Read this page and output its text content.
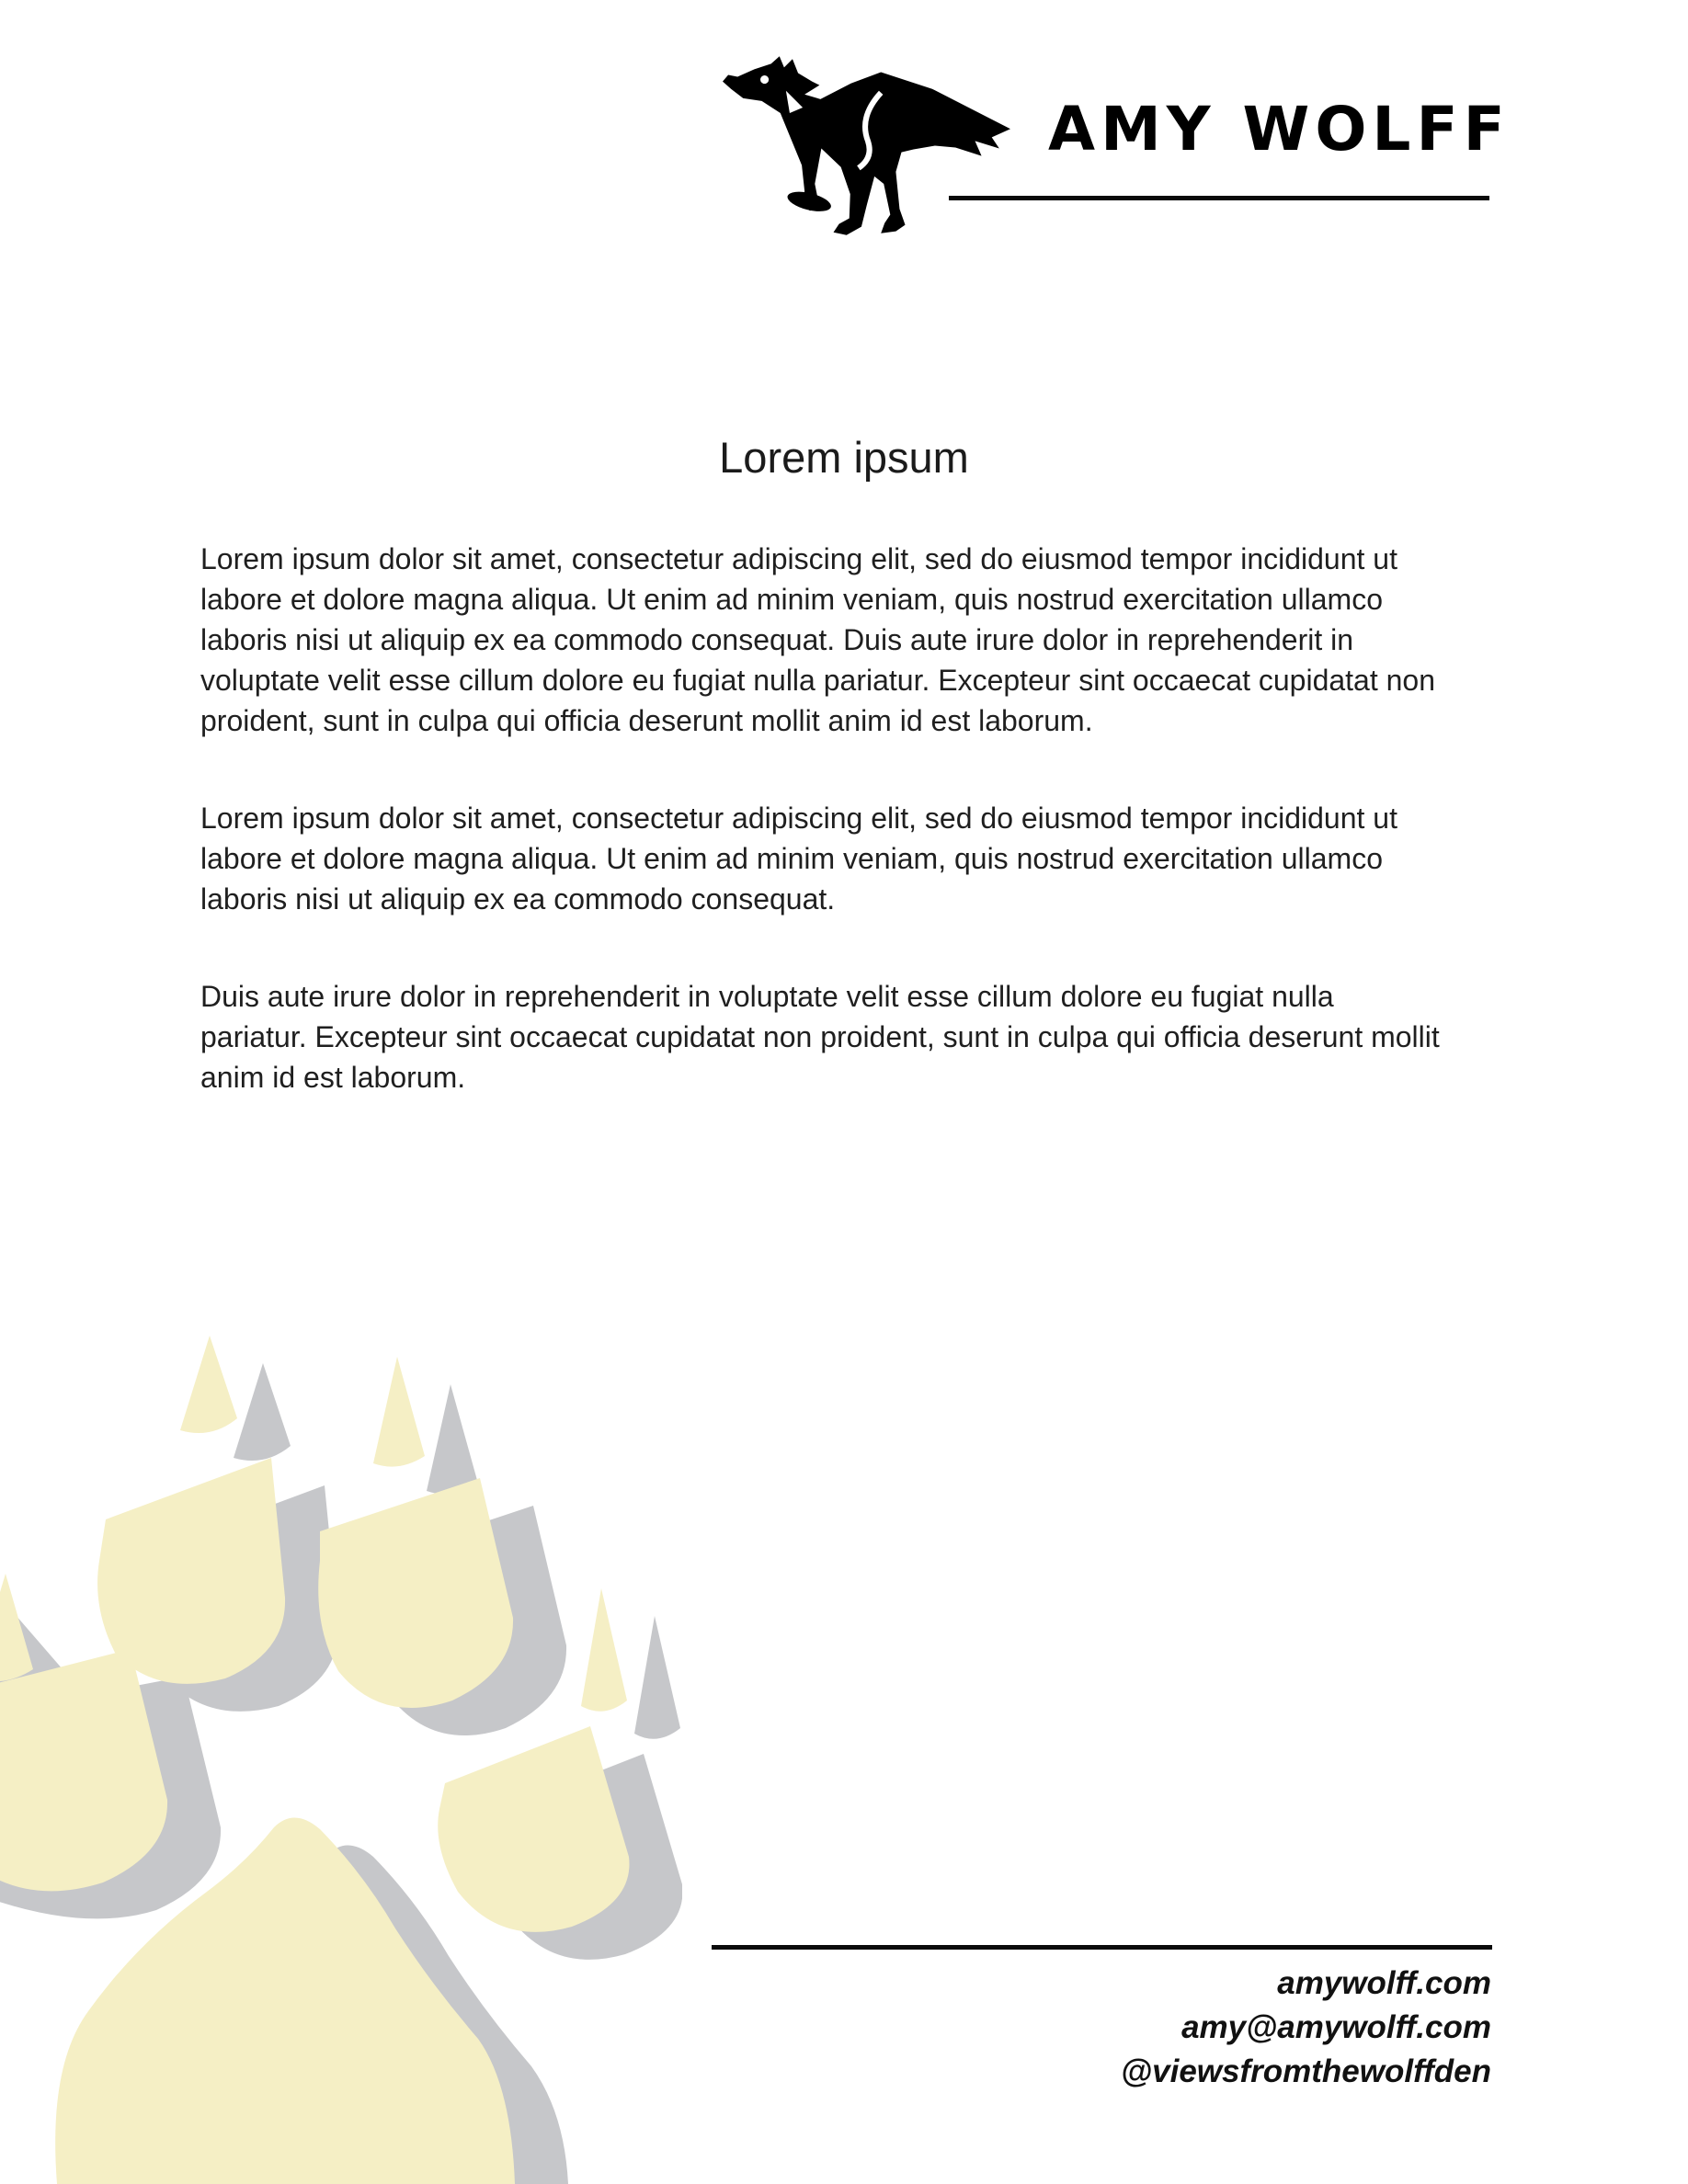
AMY WOLFF
Lorem ipsum

Lorem ipsum dolor sit amet, consectetur adipiscing elit, sed do eiusmod tempor incididunt ut labore et dolore magna aliqua. Ut enim ad minim veniam, quis nostrud exercitation ullamco laboris nisi ut aliquip ex ea commodo consequat. Duis aute irure dolor in reprehenderit in voluptate velit esse cillum dolore eu fugiat nulla pariatur. Excepteur sint occaecat cupidatat non proident, sunt in culpa qui officia deserunt mollit anim id est laborum.

Lorem ipsum dolor sit amet, consectetur adipiscing elit, sed do eiusmod tempor incididunt ut labore et dolore magna aliqua. Ut enim ad minim veniam, quis nostrud exercitation ullamco laboris nisi ut aliquip ex ea commodo consequat.

Duis aute irure dolor in reprehenderit in voluptate velit esse cillum dolore eu fugiat nulla pariatur. Excepteur sint occaecat cupidatat non proident, sunt in culpa qui officia deserunt mollit anim id est laborum.

amywolff.com
amy@amywolff.com
@viewsfromthewolffden
